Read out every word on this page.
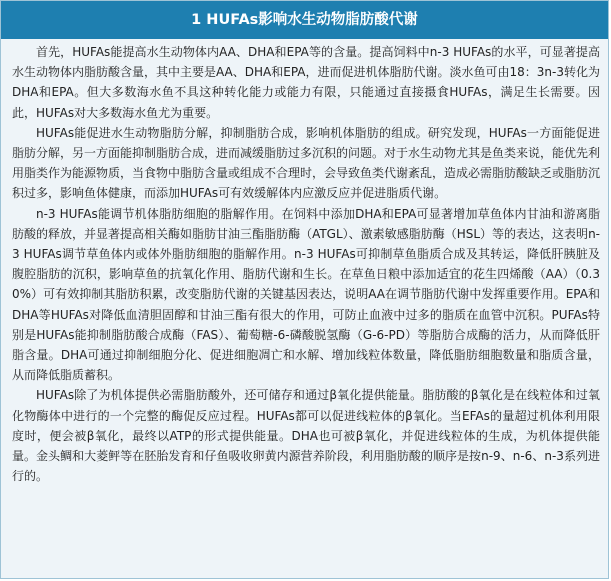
1 HUFAs影响水生动物脂肪酸代谢

首先，HUFAs能提高水生动物体内AA、DHA和EPA等的含量。提高饲料中n-3 HUFAs的水平，可显著提高水生动物体内脂肪酸含量，其中主要是AA、DHA和EPA，进而促进机体脂肪代谢。淡水鱼可由18：3n-3转化为DHA和EPA。但大多数海水鱼不具这种转化能力或能力有限，只能通过直接摄食HUFAs，满足生长需要。因此，HUFAs对大多数海水鱼尤为重要。

HUFAs能促进水生动物脂肪分解，抑制脂肪合成，影响机体脂肪的组成。研究发现，HUFAs一方面能促进脂肪分解，另一方面能抑制脂肪合成，进而减缓脂肪过多沉积的问题。对于水生动物尤其是鱼类来说，能优先利用脂类作为能源物质，当食物中脂肪含量或组成不合理时，会导致鱼类代谢紊乱，造成必需脂肪酸缺乏或脂肪沉积过多，影响鱼体健康，而添加HUFAs可有效缓解体内应激反应并促进脂质代谢。

n-3 HUFAs能调节机体脂肪细胞的脂解作用。在饲料中添加DHA和EPA可显著增加草鱼体内甘油和游离脂肪酸的释放，并显著提高相关酶如脂肪甘油三酯脂肪酶（ATGL）、激素敏感脂肪酶（HSL）等的表达，这表明n-3 HUFAs调节草鱼体内或体外脂肪细胞的脂解作用。n-3 HUFAs可抑制草鱼脂质合成及其转运，降低肝胰脏及腹腔脂肪的沉积，影响草鱼的抗氧化作用、脂肪代谢和生长。在草鱼日粮中添加适宜的花生四烯酸（AA）（0.30%）可有效抑制其脂肪积累，改变脂肪代谢的关键基因表达，说明AA在调节脂肪代谢中发挥重要作用。EPA和DHA等HUFAs对降低血清胆固醇和甘油三酯有很大的作用，可防止血液中过多的脂质在血管中沉积。PUFAs特别是HUFAs能抑制脂肪酸合成酶（FAS）、葡萄糖-6-磷酸脱氢酶（G-6-PD）等脂肪合成酶的活力，从而降低肝脂含量。DHA可通过抑制细胞分化、促进细胞凋亡和水解、增加线粒体数量，降低脂肪细胞数量和脂质含量，从而降低脂质蓄积。

HUFAs除了为机体提供必需脂肪酸外，还可储存和通过β氧化提供能量。脂肪酸的β氧化是在线粒体和过氧化物酶体中进行的一个完整的酶促反应过程。HUFAs都可以促进线粒体的β氧化。当EFAs的量超过机体利用限度时，便会被β氧化，最终以ATP的形式提供能量。DHA也可被β氧化，并促进线粒体的生成，为机体提供能量。金头鲷和大菱鲆等在胚胎发育和仔鱼吸收卵黄内源营养阶段，利用脂肪酸的顺序是按n-9、n-6、n-3系列进行的。
